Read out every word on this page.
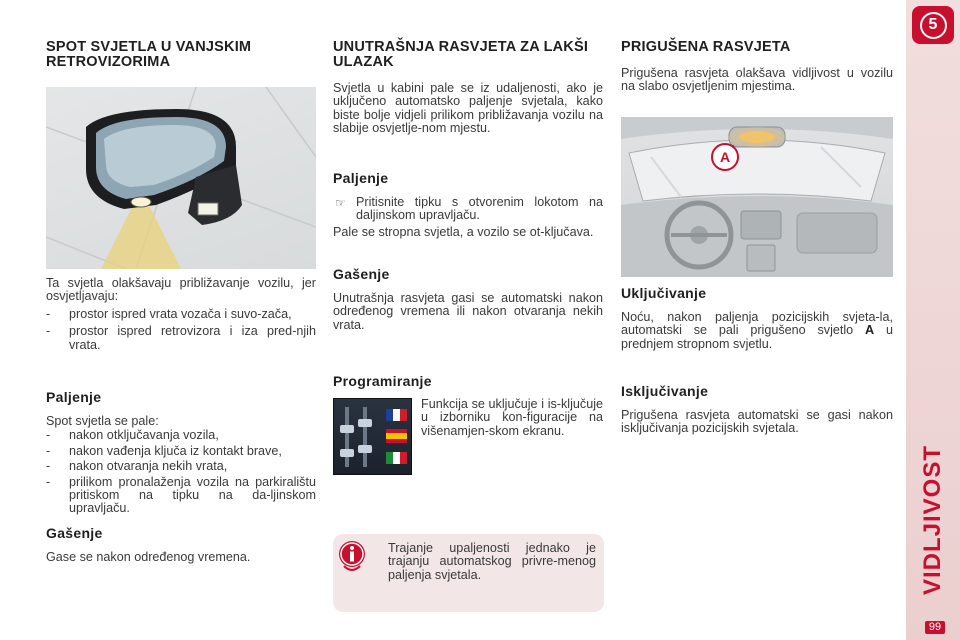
5
VIDLJIVOST
99
SPOT SVJETLA U VANJSKIM RETROVIZORIMA

Ta svjetla olakšavaju približavanje vozilu, jer osvjetljavaju:

- prostor ispred vrata vozača i suvo-zača,
- prostor ispred retrovizora i iza pred-njih vrata.
Paljenje

Spot svjetla se pale:

- nakon otključavanja vozila,
- nakon vađenja ključa iz kontakt brave,
- nakon otvaranja nekih vrata,
- prilikom pronalaženja vozila na parkiralištu pritiskom na tipku na da-ljinskom upravljaču.
Gašenje

Gase se nakon određenog vremena.

UNUTRAŠNJA RASVJETA ZA LAKŠI ULAZAK

Svjetla u kabini pale se iz udaljenosti, ako je uključeno automatsko paljenje svjetala, kako biste bolje vidjeli prilikom približavanja vozilu na slabije osvjetlje-nom mjestu.

Paljenje
☞ Pritisnite tipku s otvorenim lokotom na daljinskom upravljaču.

Pale se stropna svjetla, a vozilo se ot-ključava.

Gašenje

Unutrašnja rasvjeta gasi se automatski nakon određenog vremena ili nakon otvaranja nekih vrata.

Programiranje

Funkcija se uključuje i is-ključuje u izborniku kon-figuracije na višenamjen-skom ekranu.

Trajanje upaljenosti jednako je trajanju automatskog privre-menog paljenja svjetala.

PRIGUŠENA RASVJETA

Prigušena rasvjeta olakšava vidljivost u vozilu na slabo osvjetljenim mjestima.

A
Uključivanje

Noću, nakon paljenja pozicijskih svjeta-la, automatski se pali prigušeno svjetlo A u prednjem stropnom svjetlu.

Isključivanje

Prigušena rasvjeta automatski se gasi nakon isključivanja pozicijskih svjetala.
